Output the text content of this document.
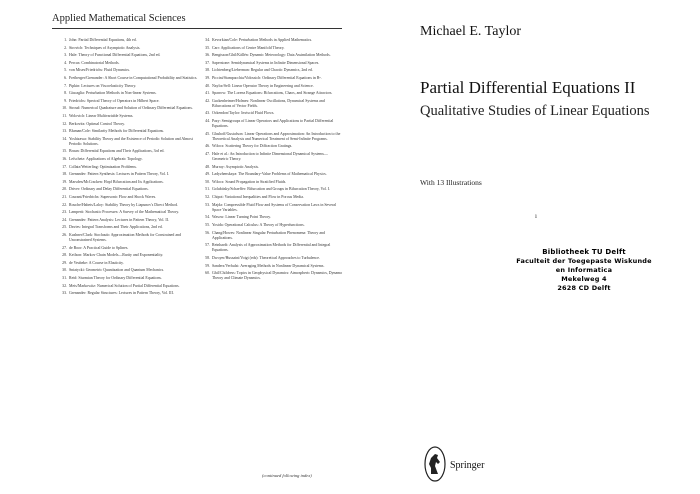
Applied Mathematical Sciences
1. John: Partial Differential Equations, 4th ed.
2. Sirovich: Techniques of Asymptotic Analysis.
3. Hale: Theory of Functional Differential Equations, 2nd ed.
4. Percus: Combinatorial Methods.
5. von Mises/Friedrichs: Fluid Dynamics.
6. Freiberger/Grenander: A Short Course in Computational Probability and Statistics.
7. Pipkin: Lectures on Viscoelasticity Theory.
8. Giacaglia: Perturbation Methods in Non-linear Systems.
9. Friedrichs: Spectral Theory of Operators in Hilbert Space.
10. Stroud: Numerical Quadrature and Solution of Ordinary Differential Equations.
11. Wolovich: Linear Multivariable Systems.
12. Berkovitz: Optimal Control Theory.
13. Bluman/Cole: Similarity Methods for Differential Equations.
14. Yoshizawa: Stability Theory and the Existence of Periodic Solution and Almost Periodic Solutions.
15. Braun: Differential Equations and Their Applications, 3rd ed.
16. Lefschetz: Applications of Algebraic Topology.
17. Collatz/Wetterling: Optimization Problems.
18. Grenander: Pattern Synthesis: Lectures in Pattern Theory, Vol. I.
19. Marsden/McCracken: Hopf Bifurcation and Its Applications.
20. Driver: Ordinary and Delay Differential Equations.
21. Courant/Friedrichs: Supersonic Flow and Shock Waves.
22. Rouche/Habets/Laloy: Stability Theory by Liapunov's Direct Method.
23. Lamperti: Stochastic Processes: A Survey of the Mathematical Theory.
24. Grenander: Pattern Analysis: Lectures in Pattern Theory, Vol. II.
25. Davies: Integral Transforms and Their Applications, 2nd ed.
26. Kushner/Clark: Stochastic Approximation Methods for Constrained and Unconstrained Systems.
27. de Boor: A Practical Guide to Splines.
28. Keilson: Markov Chain Models—Rarity and Exponentiality.
29. de Veubeke: A Course in Elasticity.
30. Sniatycki: Geometric Quantization and Quantum Mechanics.
31. Reid: Sturmian Theory for Ordinary Differential Equations.
32. Meis/Markowitz: Numerical Solution of Partial Differential Equations.
33. Grenander: Regular Structures: Lectures in Pattern Theory, Vol. III.
34. Kevorkian/Cole: Perturbation Methods in Applied Mathematics.
35. Carr: Applications of Centre Manifold Theory.
36. Bengtsson/Ghil/Källén: Dynamic Meteorology: Data Assimilation Methods.
37. Saperstone: Semidynamical Systems in Infinite Dimensional Spaces.
38. Lichtenberg/Lieberman: Regular and Chaotic Dynamics, 2nd ed.
39. Piccini/Stampacchia/Vidossich: Ordinary Differential Equations in Rⁿ.
40. Naylor/Sell: Linear Operator Theory in Engineering and Science.
41. Sparrow: The Lorenz Equations: Bifurcations, Chaos, and Strange Attractors.
42. Guckenheimer/Holmes: Nonlinear Oscillations, Dynamical Systems and Bifurcations of Vector Fields.
43. Ockendon/Taylor: Inviscid Fluid Flows.
44. Pazy: Semigroups of Linear Operators and Applications to Partial Differential Equations.
45. Glashoff/Gustafson: Linear Operations and Approximation: An Introduction to the Theoretical Analysis and Numerical Treatment of Semi-Infinite Programs.
46. Wilcox: Scattering Theory for Diffraction Gratings.
47. Hale et al.: An Introduction to Infinite Dimensional Dynamical Systems—Geometric Theory.
48. Murray: Asymptotic Analysis.
49. Ladyzhenskaya: The Boundary-Value Problems of Mathematical Physics.
50. Wilcox: Sound Propagation in Stratified Fluids.
51. Golubitsky/Schaeffer: Bifurcation and Groups in Bifurcation Theory, Vol. I.
52. Chipot: Variational Inequalities and Flow in Porous Media.
53. Majda: Compressible Fluid Flow and Systems of Conservation Laws in Several Space Variables.
54. Wasow: Linear Turning Point Theory.
55. Yosida: Operational Calculus: A Theory of Hyperfunctions.
56. Chang/Howes: Nonlinear Singular Perturbation Phenomena: Theory and Applications.
57. Reinhardt: Analysis of Approximation Methods for Differential and Integral Equations.
58. Dwoyer/Hussaini/Voigt (eds): Theoretical Approaches to Turbulence.
59. Sanders/Verhulst: Averaging Methods in Nonlinear Dynamical Systems.
60. Ghil/Childress: Topics in Geophysical Dynamics: Atmospheric Dynamics, Dynamo Theory and Climate Dynamics.
(continued following index)
Michael E. Taylor
Partial Differential Equations II
Qualitative Studies of Linear Equations
With 13 Illustrations
ı
Bibliotheek TU Delft
Faculteit der Toegepaste Wiskunde en Informatica
Mekelweg 4
2628 CD Delft
Springer
